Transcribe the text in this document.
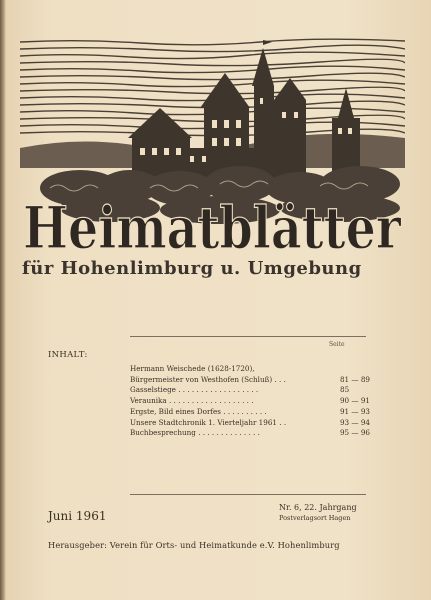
Heimatblätter
für Hohenlimburg u. Umgebung
Seite
INHALT:
Hermann Weischede (1628-1720),
Bürgermeister von Westhofen (Schluß) . . .	81 — 89
Gasselstiege . . . . . . . . . . . . . . . . . .	85
Veraunika . . . . . . . . . . . . . . . . . . .	90 — 91
Ergste, Bild eines Dorfes . . . . . . . . . .	91 — 93
Unsere Stadtchronik 1. Vierteljahr 1961 . .	93 — 94
Buchbesprechung . . . . . . . . . . . . . .	95 — 96
Juni 1961
Nr. 6, 22. Jahrgang
Postverlagsort Hagen
Herausgeber: Verein für Orts- und Heimatkunde e.V. Hohenlimburg
